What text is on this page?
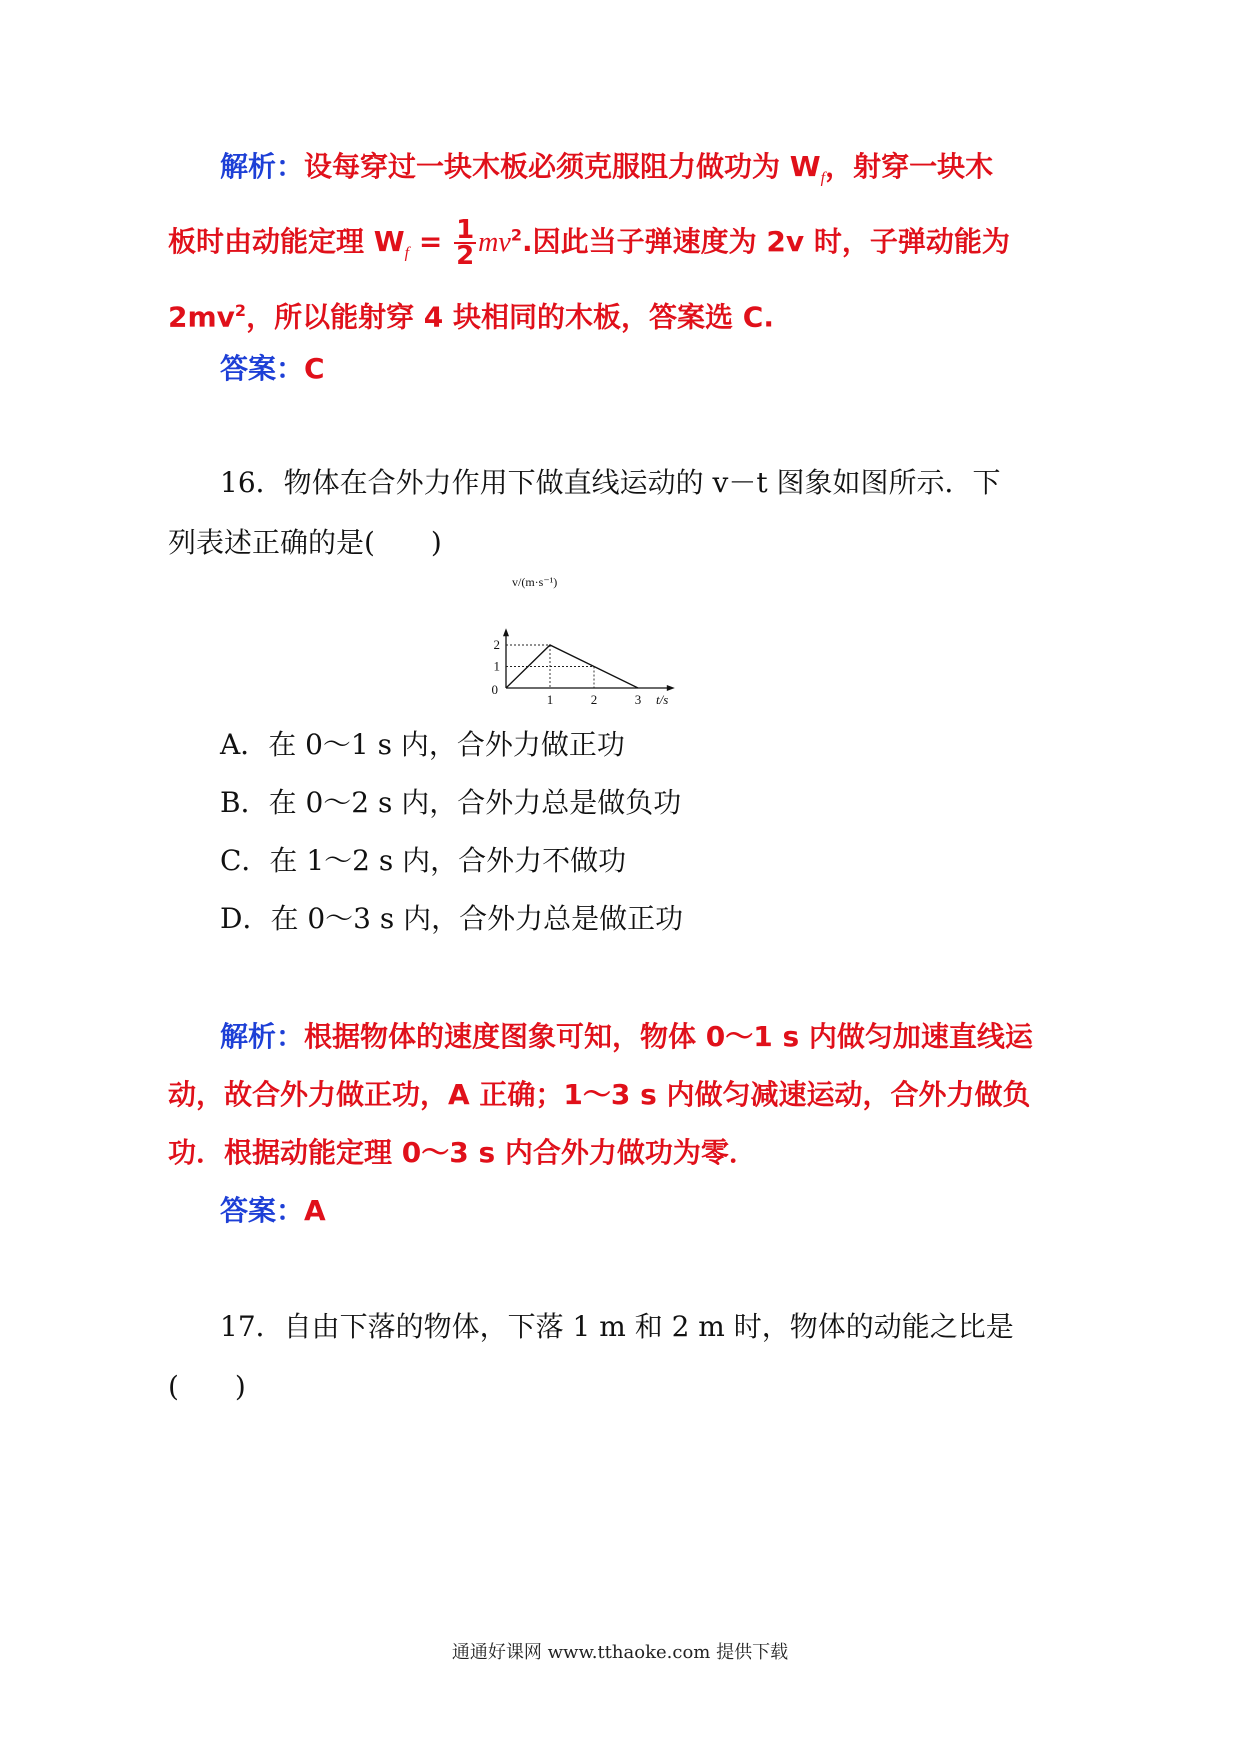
解析：设每穿过一块木板必须克服阻力做功为 $W_f$，射穿一块木
板时由动能定理 $W_f = \frac{1}{2} mv^2$.因此当子弹速度为 2v 时，子弹动能为
$2mv^2$，所以能射穿 4 块相同的木板，答案选 C.
答案：C
16．物体在合外力作用下做直线运动的 v－t 图象如图所示．下
列表述正确的是(　　)
1	2	3
1
2
0
t/s
v/(m·s⁻¹)
A．在 0～1 s 内，合外力做正功
B．在 0～2 s 内，合外力总是做负功
C．在 1～2 s 内，合外力不做功
D．在 0～3 s 内，合外力总是做正功
解析：根据物体的速度图象可知，物体 0～1 s 内做匀加速直线运
动，故合外力做正功，A 正确；1～3 s 内做匀减速运动，合外力做负
功．根据动能定理 0～3 s 内合外力做功为零．
答案：A
17．自由下落的物体，下落 1 m 和 2 m 时，物体的动能之比是
(　　)
通通好课网 www.tthaoke.com 提供下载
